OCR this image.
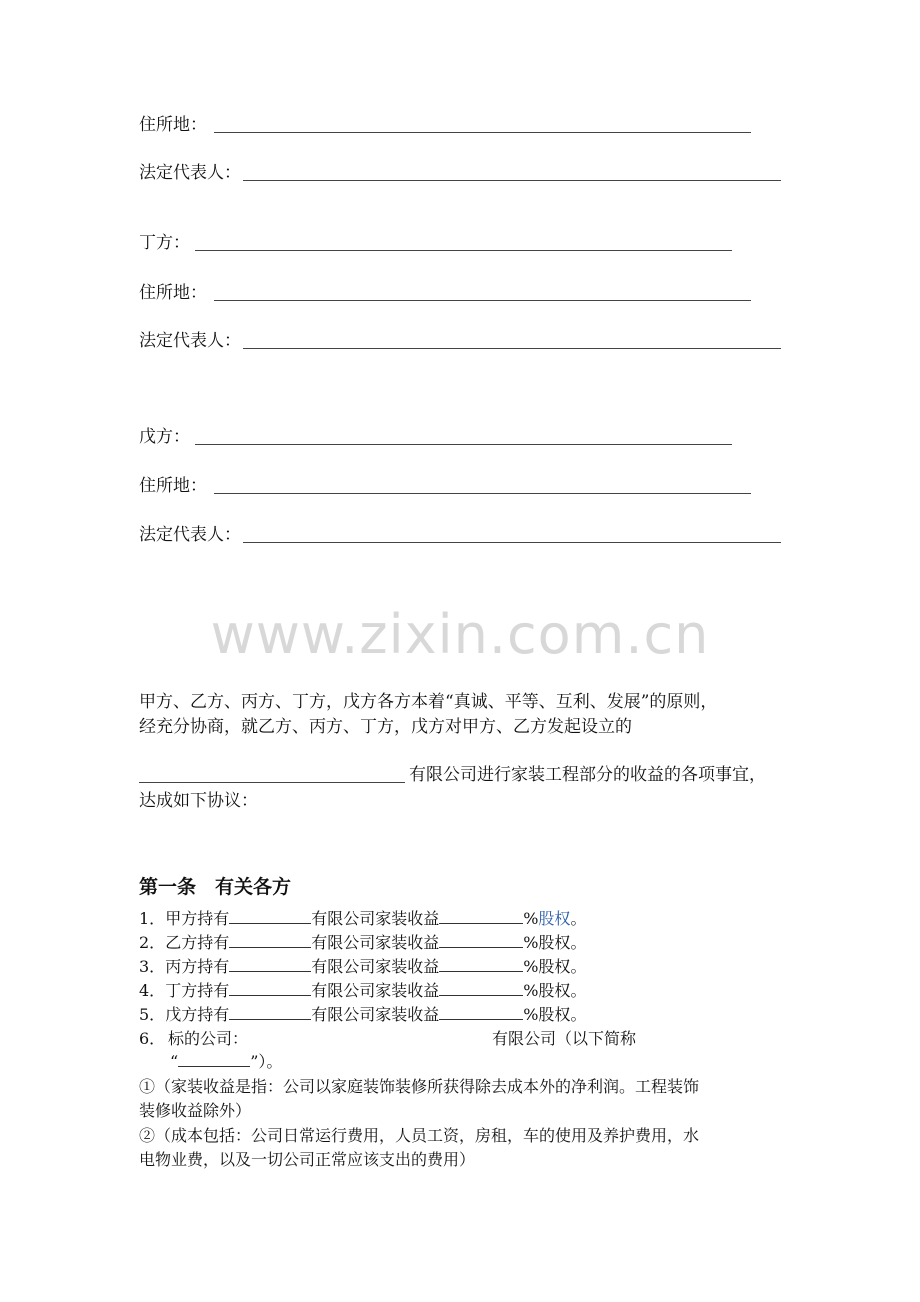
住所地：
法定代表人：
丁方：
住所地：
法定代表人：
戊方：
住所地：
法定代表人：
www.zixin.com.cn
甲方、乙方、丙方、丁方，戊方各方本着“真诚、平等、互利、发展”的原则，
经充分协商，就乙方、丙方、丁方，戊方对甲方、乙方发起设立的
有限公司进行家装工程部分的收益的各项事宜，
达成如下协议：
第一条　有关各方
1．甲方持有	有限公司家装收益	%股权。
2．乙方持有	有限公司家装收益	%股权。
3．丙方持有	有限公司家装收益	%股权。
4．丁方持有	有限公司家装收益	%股权。
5．戊方持有	有限公司家装收益	%股权。
6． 标的公司：	有限公司（以下简称
“	”）。
①（家装收益是指：公司以家庭装饰装修所获得除去成本外的净利润。工程装饰
装修收益除外）
②（成本包括：公司日常运行费用，人员工资，房租，车的使用及养护费用，水
电物业费，以及一切公司正常应该支出的费用）
